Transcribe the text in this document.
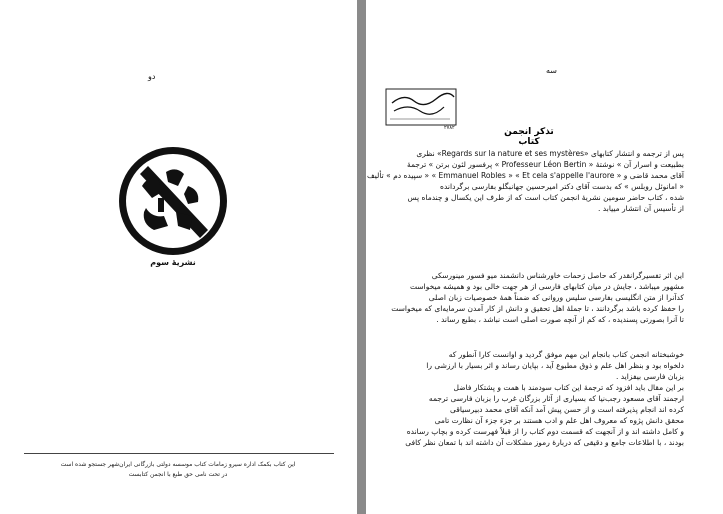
دو
نشریهٔ سوم
این کتاب بکمک اداره سیرو زمامات کتاب موسسه دولتی بازرگانی ایران‌شهر جستجو شده است
در تحت نامی حق طبع با انجمن کتابست
سه
۲۷۸۲	تذکر انجمن کتاب
پس از ترجمه و انتشار کتابهای «Regards sur la nature et ses mystères» نظری
بطبیعت و اسرار آن » نوشتهٔ « Professeur Léon Bertin » پرفسور لئون برتن » ترجمهٔ
آقای محمد قاضی و « Emmanuel Robles » « Et cela s'appelle l'aurore » « سپیده دم » تألیف
« امانوئل روبلس » که بدست آقای دکتر امیرحسین جهانبگلو بفارسی برگردانده
شده ، کتاب حاضر سومین نشریهٔ انجمن کتاب است که از طرف این یکسال و چندماه پس
از تأسیس آن انتشار مییابد .
این اثر تفسیرگرانقدر که حاصل زحمات خاورشناس دانشمند میو فسور مینورسکی
مشهور میباشد ، جایش در میان کتابهای فارسی از هر جهت خالی بود و همیشه میخواست
کدآنرا از متن انگلیسی بفارسی سلیس وروانی که ضمناً همهٔ خصوصیات زبان اصلی
را حفظ کرده باشد برگردانند ، تا جملهٔ اهل تحقیق و دانش از کار آمدن سرمایه‌ای که میخواست
تا آنرا بصورتی پسندیده ، که کم از آنچه صورت اصلی است نباشد ، بطبع رساند .
خوشبختانه انجمن کتاب بانجام این مهم موفق گردید و اوانست کارا آنطور که
دلخواه بود و بنظر اهل علم و ذوق مطبوع آید ، بپایان رساند و اثر بسیار با ارزشی را
بزبان فارسی بیفزاید .
بر این مقال باید افزود که ترجمهٔ این کتاب سودمند با همت و پشتکار فاضل
ارجمند آقای مسعود رجب‌نیا که بسیاری از آثار بزرگان غرب را بزبان فارسی ترجمه
کرده اند انجام پذیرفته است و از حسن پیش آمد آنکه آقای محمد دبیرسیاقی
محقق دانش پژوه که معروف اهل علم و ادب هستند بر جزء جزء آن نظارت تامی
و کامل داشته اند و از آنجهت که قسمت دوم کتاب را از قبلاً فهرست کرده و بچاپ رسانده
بودند ، با اطلاعات جامع و دقیقی که دربارهٔ رموز مشکلات آن داشته اند با تمعان نظر کافی
